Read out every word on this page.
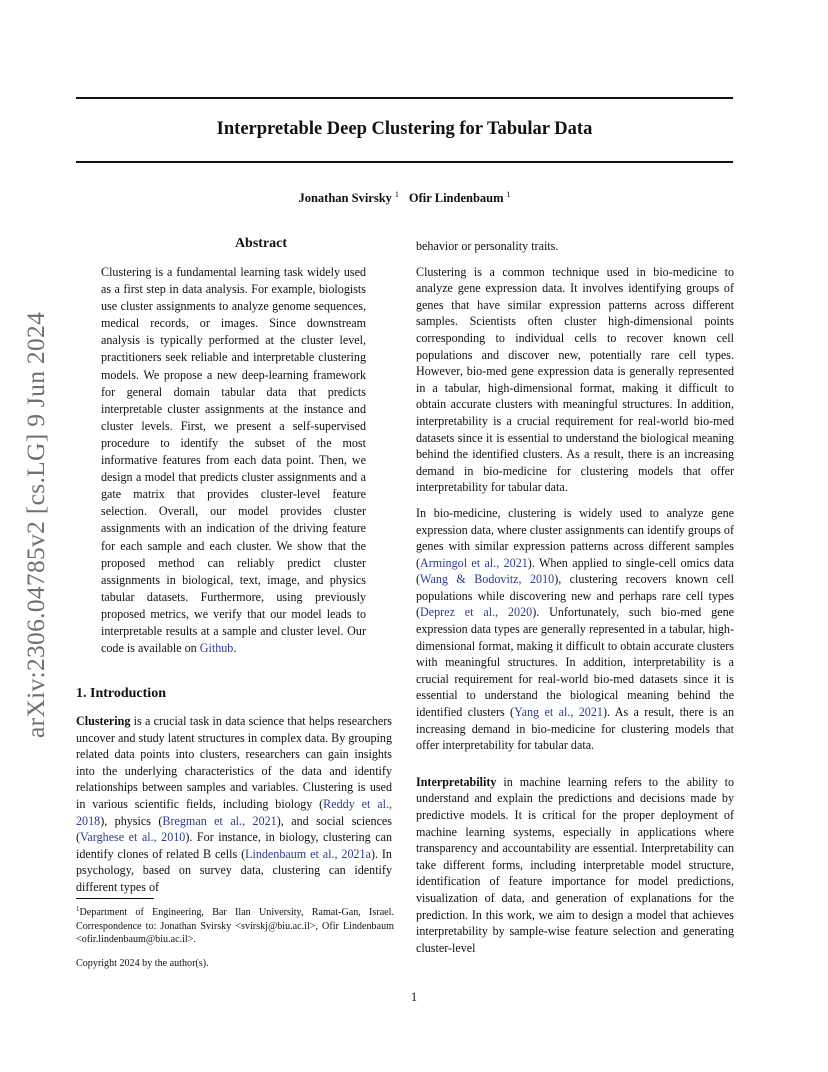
Interpretable Deep Clustering for Tabular Data
Jonathan Svirsky $^1$ Ofir Lindenbaum $^1$
arXiv:2306.04785v2 [cs.LG] 9 Jun 2024
Abstract
Clustering is a fundamental learning task widely used as a first step in data analysis. For example, biologists use cluster assignments to analyze genome sequences, medical records, or images. Since downstream analysis is typically performed at the cluster level, practitioners seek reliable and interpretable clustering models. We propose a new deep-learning framework for general domain tabular data that predicts interpretable cluster assignments at the instance and cluster levels. First, we present a self-supervised procedure to identify the subset of the most informative features from each data point. Then, we design a model that predicts cluster assignments and a gate matrix that provides cluster-level feature selection. Overall, our model provides cluster assignments with an indication of the driving feature for each sample and each cluster. We show that the proposed method can reliably predict cluster assignments in biological, text, image, and physics tabular datasets. Furthermore, using previously proposed metrics, we verify that our model leads to interpretable results at a sample and cluster level. Our code is available on Github.
1. Introduction

Clustering is a crucial task in data science that helps researchers uncover and study latent structures in complex data. By grouping related data points into clusters, researchers can gain insights into the underlying characteristics of the data and identify relationships between samples and variables. Clustering is used in various scientific fields, including biology (Reddy et al., 2018), physics (Bregman et al., 2021), and social sciences (Varghese et al., 2010). For instance, in biology, clustering can identify clones of related B cells (Lindenbaum et al., 2021a). In psychology, based on survey data, clustering can identify different types of

behavior or personality traits.

Clustering is a common technique used in bio-medicine to analyze gene expression data. It involves identifying groups of genes that have similar expression patterns across different samples. Scientists often cluster high-dimensional points corresponding to individual cells to recover known cell populations and discover new, potentially rare cell types. However, bio-med gene expression data is generally represented in a tabular, high-dimensional format, making it difficult to obtain accurate clusters with meaningful structures. In addition, interpretability is a crucial requirement for real-world bio-med datasets since it is essential to understand the biological meaning behind the identified clusters. As a result, there is an increasing demand in bio-medicine for clustering models that offer interpretability for tabular data.

In bio-medicine, clustering is widely used to analyze gene expression data, where cluster assignments can identify groups of genes with similar expression patterns across different samples (Armingol et al., 2021). When applied to single-cell omics data (Wang & Bodovitz, 2010), clustering recovers known cell populations while discovering new and perhaps rare cell types (Deprez et al., 2020). Unfortunately, such bio-med gene expression data types are generally represented in a tabular, high-dimensional format, making it difficult to obtain accurate clusters with meaningful structures. In addition, interpretability is a crucial requirement for real-world bio-med datasets since it is essential to understand the biological meaning behind the identified clusters (Yang et al., 2021). As a result, there is an increasing demand in bio-medicine for clustering models that offer interpretability for tabular data.

Interpretability in machine learning refers to the ability to understand and explain the predictions and decisions made by predictive models. It is critical for the proper deployment of machine learning systems, especially in applications where transparency and accountability are essential. Interpretability can take different forms, including interpretable model structure, identification of feature importance for model predictions, visualization of data, and generation of explanations for the prediction. In this work, we aim to design a model that achieves interpretability by sample-wise feature selection and generating cluster-level

$^1$Department of Engineering, Bar Ilan University, Ramat-Gan, Israel. Correspondence to: Jonathan Svirsky <svirskj@biu.ac.il>, Ofir Lindenbaum <ofir.lindenbaum@biu.ac.il>.
Copyright 2024 by the author(s).
1
